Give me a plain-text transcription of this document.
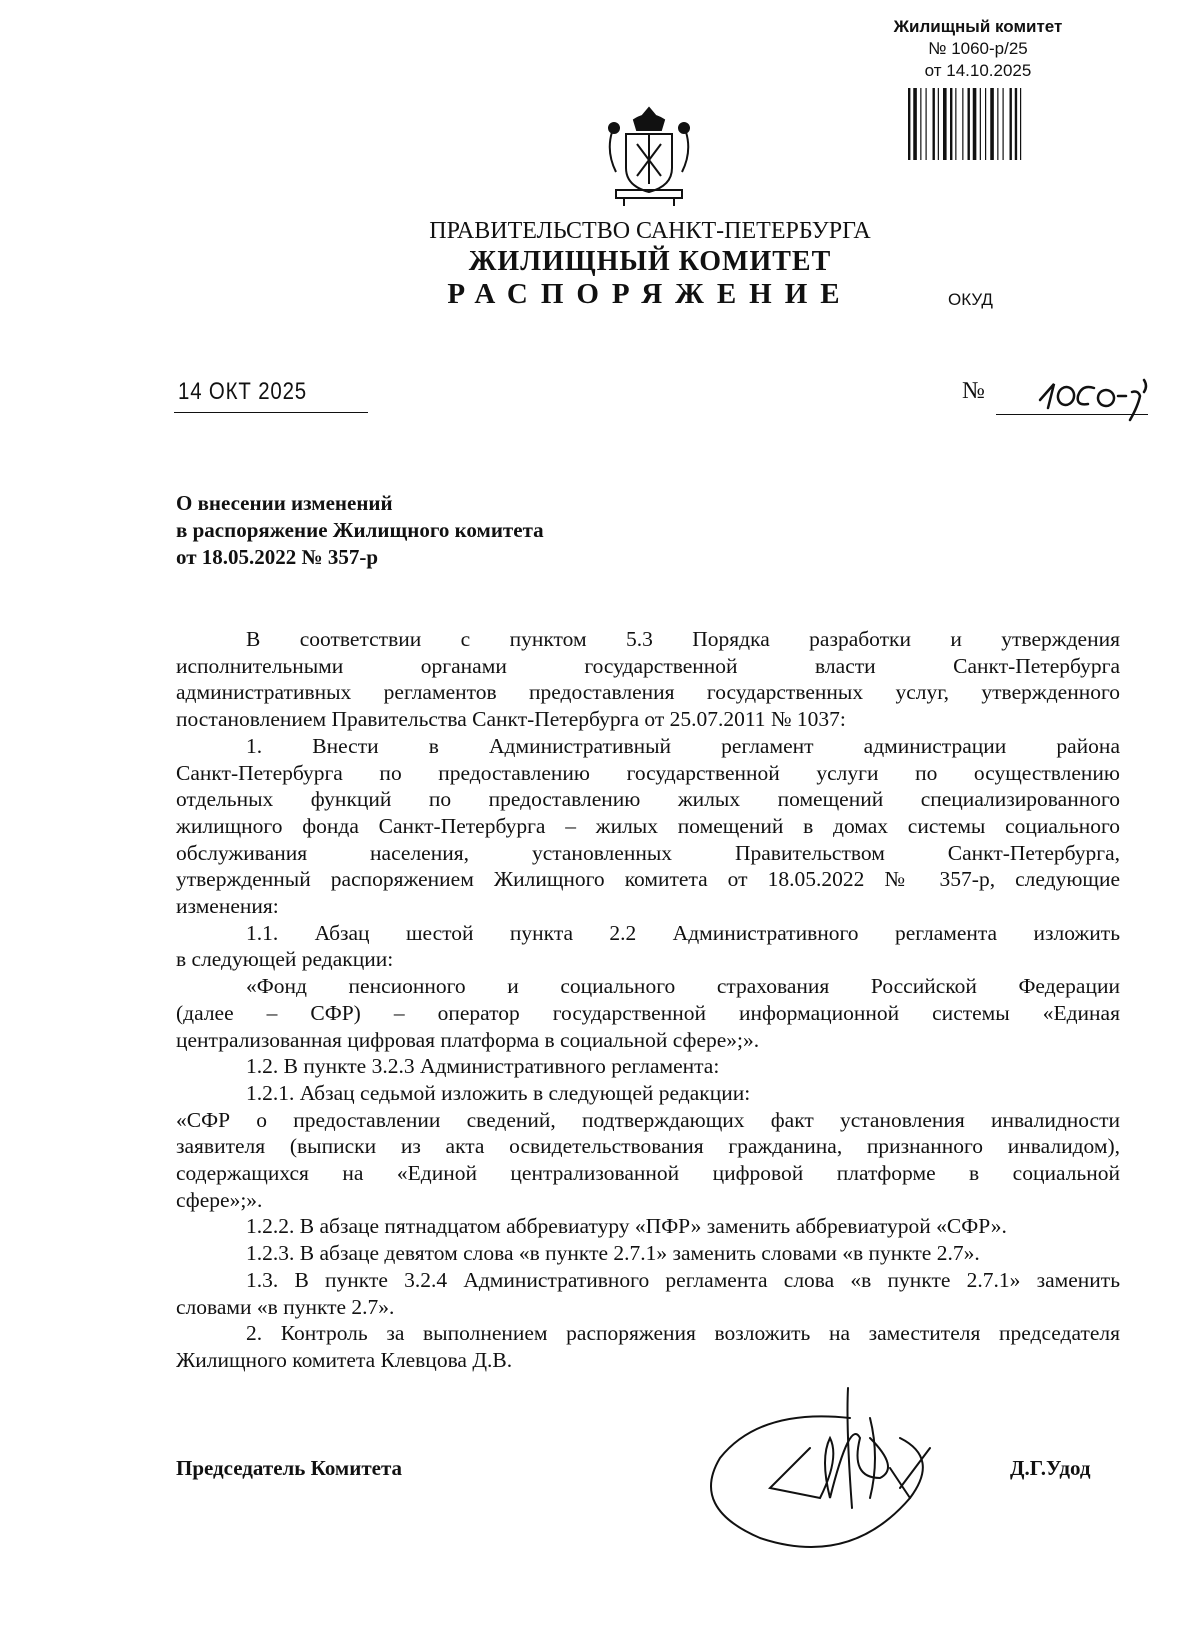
Жилищный комитет
№ 1060-р/25
от 14.10.2025
ПРАВИТЕЛЬСТВО САНКТ-ПЕТЕРБУРГА
ЖИЛИЩНЫЙ КОМИТЕТ
РАСПОРЯЖЕНИЕ	ОКУД
14 ОКТ 2025	№
О внесении изменений
в распоряжение Жилищного комитета
от 18.05.2022 № 357-р
В соответствии с пунктом 5.3 Порядка разработки и утверждения
исполнительными органами государственной власти Санкт-Петербурга
административных регламентов предоставления государственных услуг, утвержденного
постановлением Правительства Санкт-Петербурга от 25.07.2011 № 1037:
1. Внести в Административный регламент администрации района
Санкт-Петербурга по предоставлению государственной услуги по осуществлению
отдельных функций по предоставлению жилых помещений специализированного
жилищного фонда Санкт-Петербурга – жилых помещений в домах системы социального
обслуживания населения, установленных Правительством Санкт-Петербурга,
утвержденный распоряжением Жилищного комитета от 18.05.2022 № 357-р, следующие
изменения:
1.1. Абзац шестой пункта 2.2 Административного регламента изложить
в следующей редакции:
«Фонд пенсионного и социального страхования Российской Федерации
(далее – СФР) – оператор государственной информационной системы «Единая
централизованная цифровая платформа в социальной сфере»;».
1.2. В пункте 3.2.3 Административного регламента:
1.2.1. Абзац седьмой изложить в следующей редакции:
«СФР о предоставлении сведений, подтверждающих факт установления инвалидности
заявителя (выписки из акта освидетельствования гражданина, признанного инвалидом),
содержащихся на «Единой централизованной цифровой платформе в социальной
сфере»;».
1.2.2. В абзаце пятнадцатом аббревиатуру «ПФР» заменить аббревиатурой «СФР».
1.2.3. В абзаце девятом слова «в пункте 2.7.1» заменить словами «в пункте 2.7».
1.3. В пункте 3.2.4 Административного регламента слова «в пункте 2.7.1» заменить
словами «в пункте 2.7».
2. Контроль за выполнением распоряжения возложить на заместителя председателя
Жилищного комитета Клевцова Д.В.
Председатель Комитета	Д.Г.Удод
